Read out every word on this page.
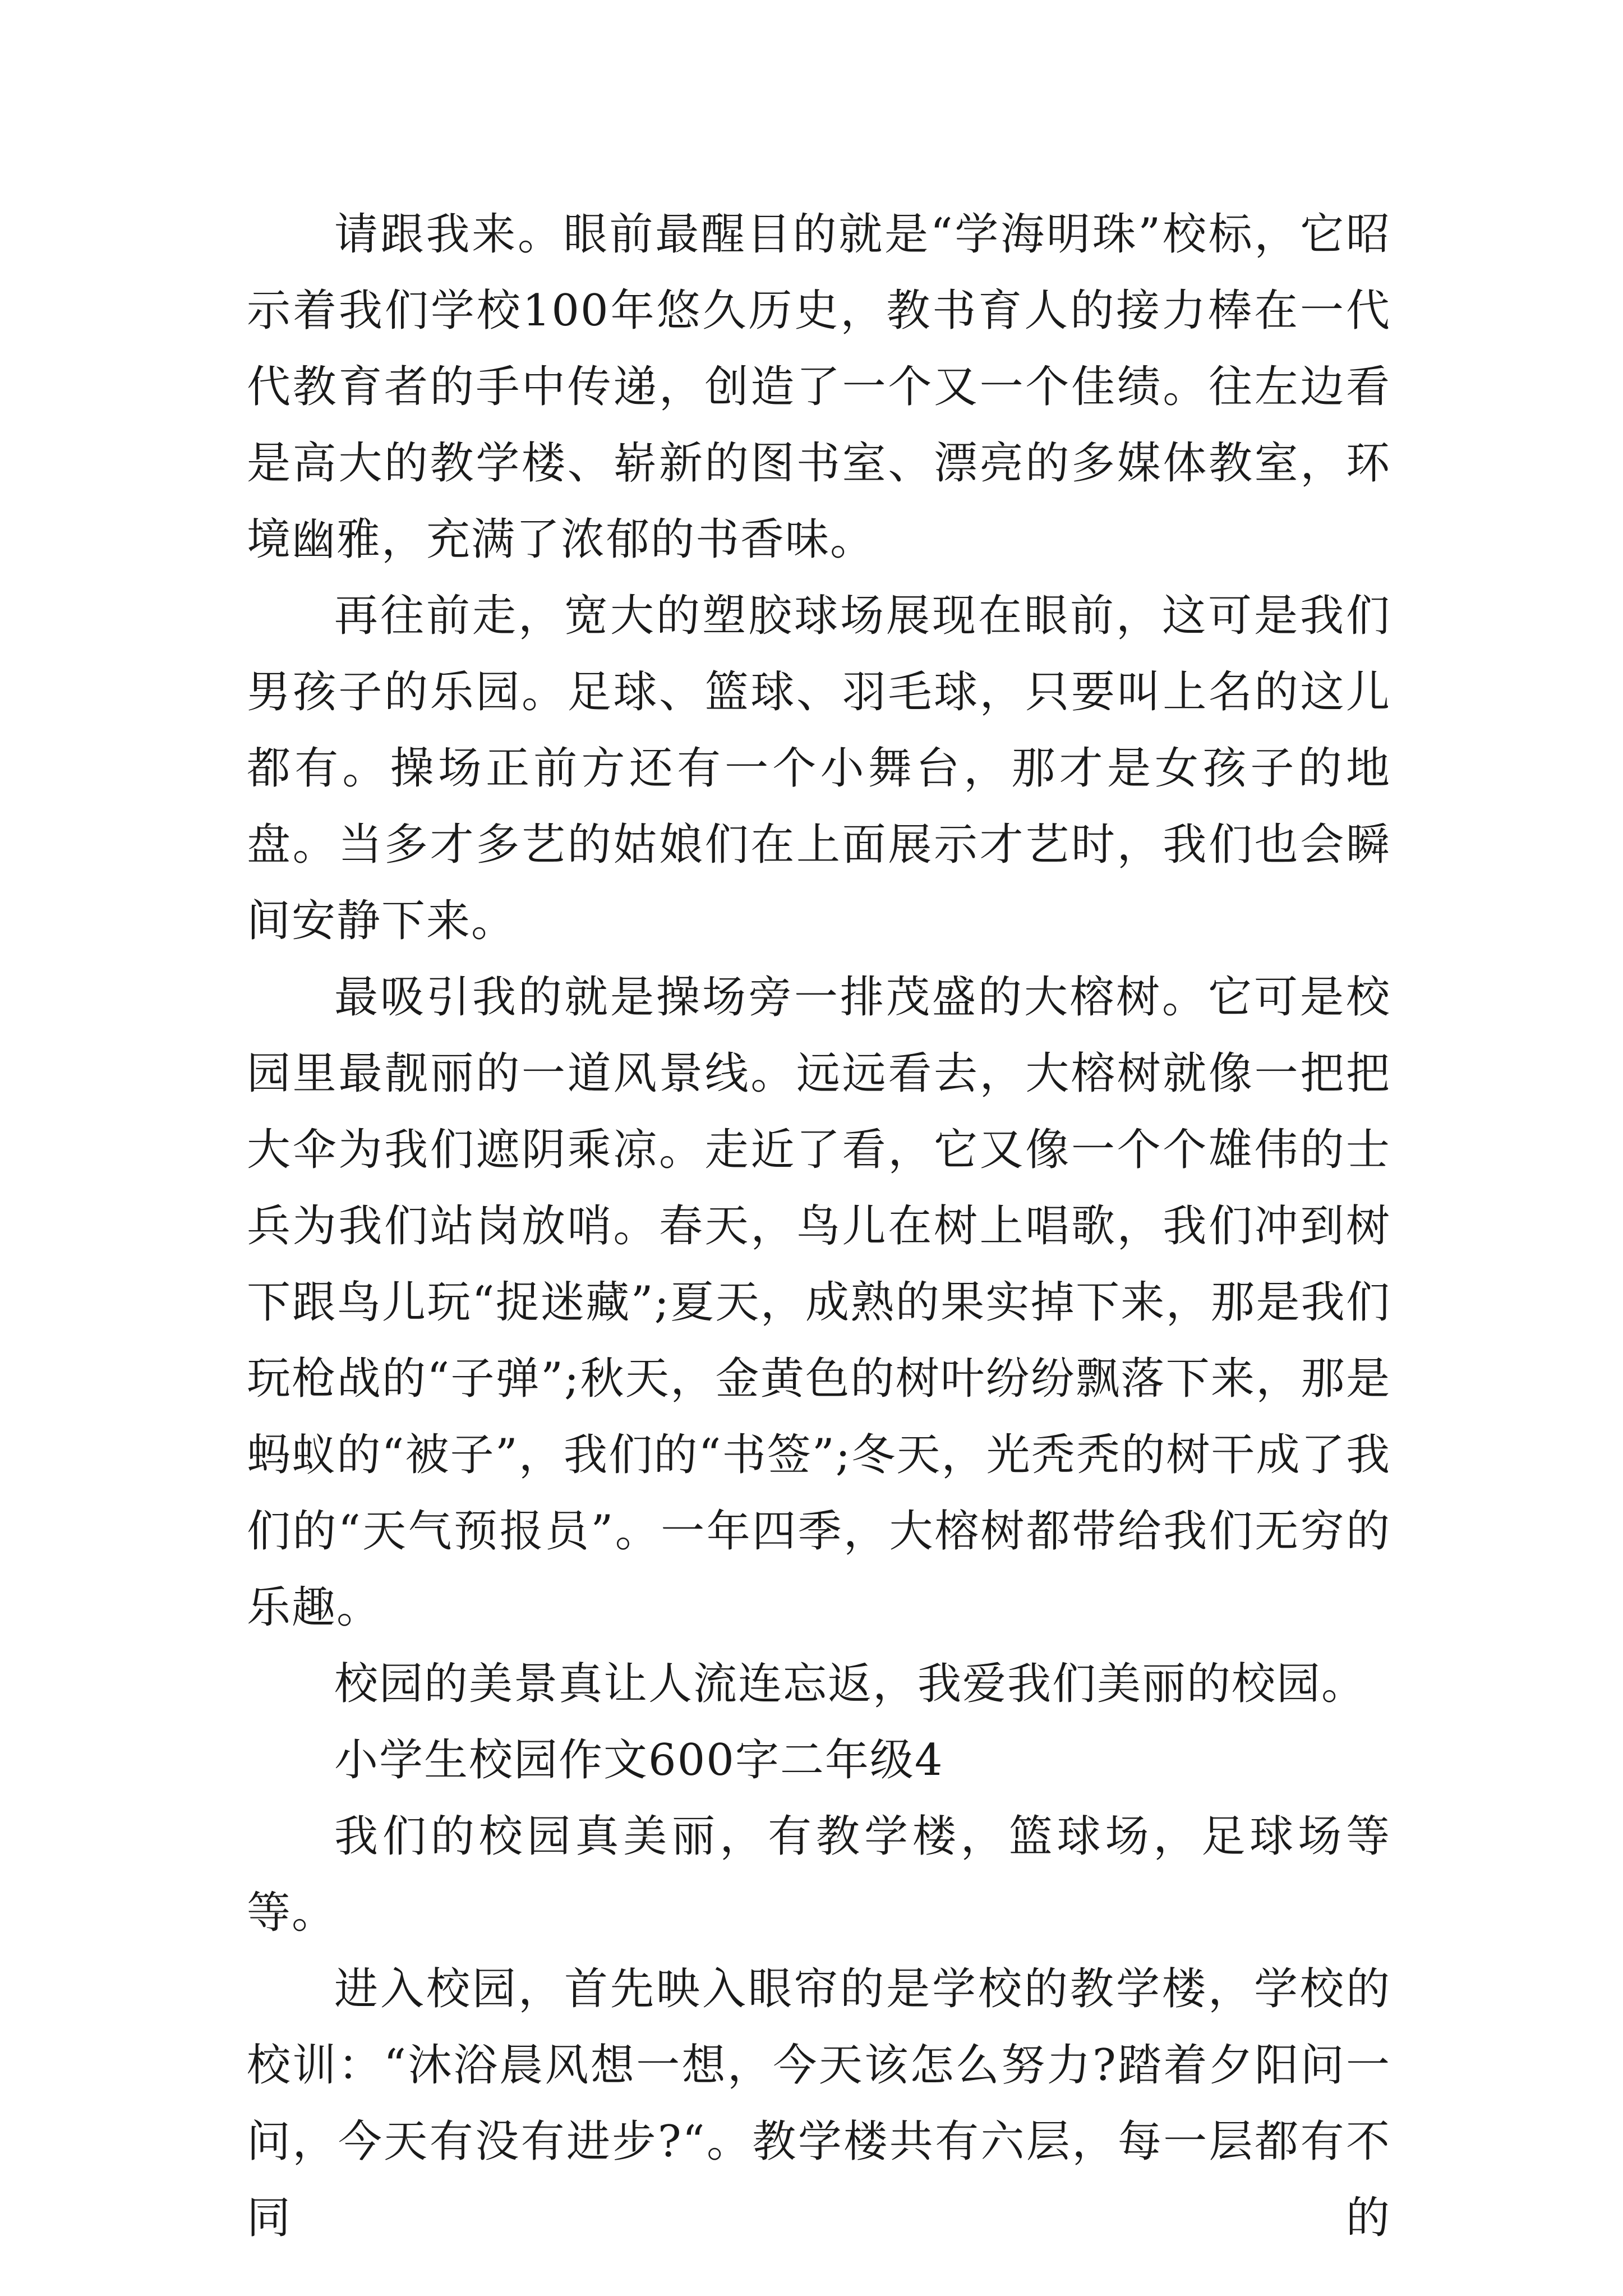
请跟我来。眼前最醒目的就是“学海明珠”校标，它昭示着我们学校100年悠久历史，教书育人的接力棒在一代代教育者的手中传递，创造了一个又一个佳绩。往左边看是高大的教学楼、崭新的图书室、漂亮的多媒体教室，环境幽雅，充满了浓郁的书香味。

再往前走，宽大的塑胶球场展现在眼前，这可是我们男孩子的乐园。足球、篮球、羽毛球，只要叫上名的这儿都有。操场正前方还有一个小舞台，那才是女孩子的地盘。当多才多艺的姑娘们在上面展示才艺时，我们也会瞬间安静下来。

最吸引我的就是操场旁一排茂盛的大榕树。它可是校园里最靓丽的一道风景线。远远看去，大榕树就像一把把大伞为我们遮阴乘凉。走近了看，它又像一个个雄伟的士兵为我们站岗放哨。春天，鸟儿在树上唱歌，我们冲到树下跟鸟儿玩“捉迷藏”;夏天，成熟的果实掉下来，那是我们玩枪战的“子弹”;秋天，金黄色的树叶纷纷飘落下来，那是蚂蚁的“被子”，我们的“书签”;冬天，光秃秃的树干成了我们的“天气预报员”。一年四季，大榕树都带给我们无穷的乐趣。

校园的美景真让人流连忘返，我爱我们美丽的校园。

小学生校园作文600字二年级4

我们的校园真美丽，有教学楼，篮球场，足球场等等。

进入校园，首先映入眼帘的是学校的教学楼，学校的校训：“沐浴晨风想一想，今天该怎么努力?踏着夕阳问一问，今天有没有进步?“。教学楼共有六层，每一层都有不同的
